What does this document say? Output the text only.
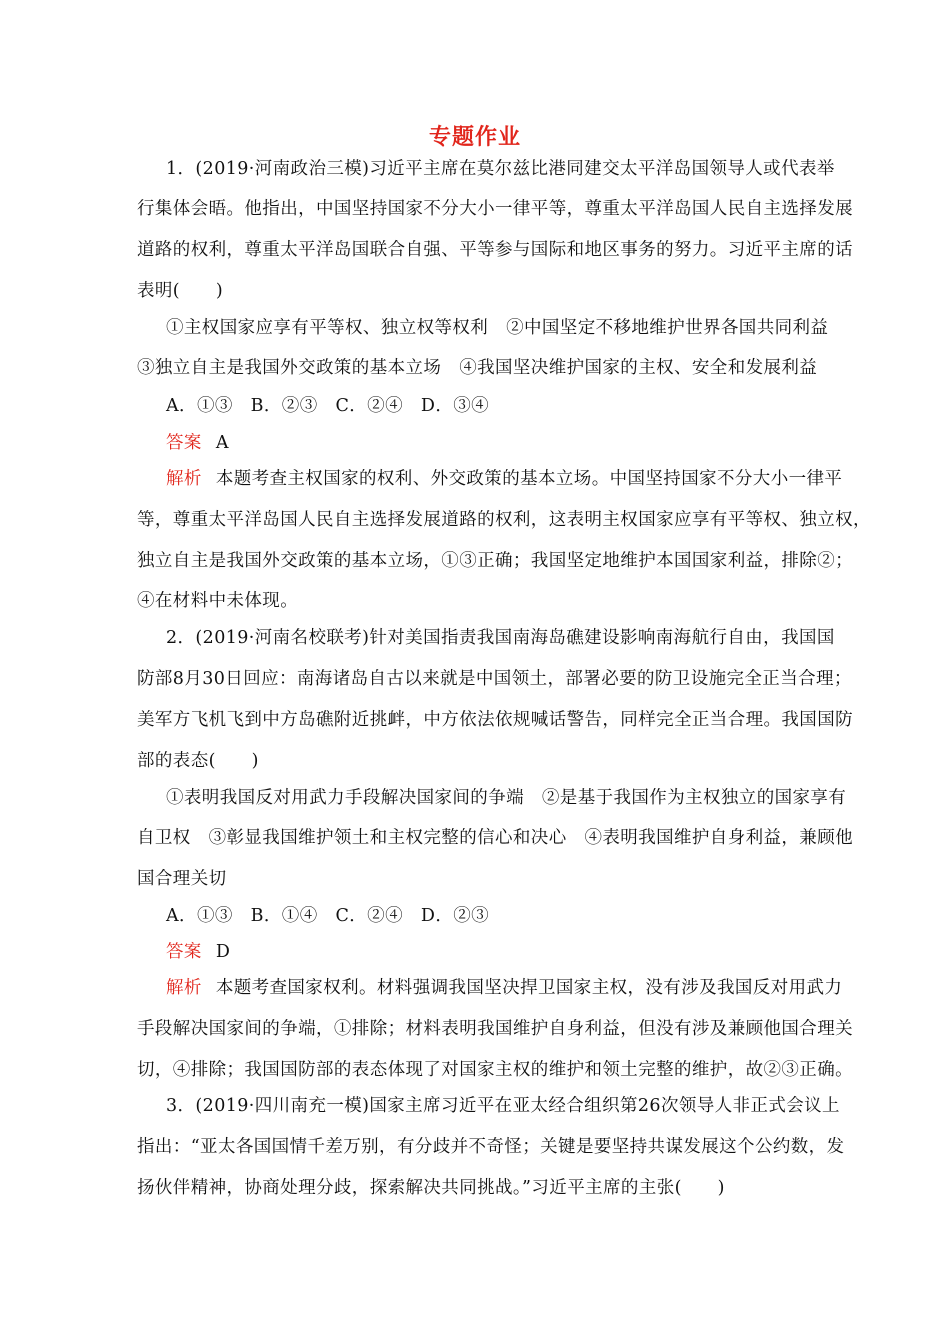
专题作业
1．(2019·河南政治三模)习近平主席在莫尔兹比港同建交太平洋岛国领导人或代表举
行集体会晤。他指出，中国坚持国家不分大小一律平等，尊重太平洋岛国人民自主选择发展
道路的权利，尊重太平洋岛国联合自强、平等参与国际和地区事务的努力。习近平主席的话
表明(　　)
①主权国家应享有平等权、独立权等权利　②中国坚定不移地维护世界各国共同利益
③独立自主是我国外交政策的基本立场　④我国坚决维护国家的主权、安全和发展利益
A．①③　B．②③　C．②④　D．③④
答案 A
解析 本题考查主权国家的权利、外交政策的基本立场。中国坚持国家不分大小一律平
等，尊重太平洋岛国人民自主选择发展道路的权利，这表明主权国家应享有平等权、独立权，
独立自主是我国外交政策的基本立场，①③正确；我国坚定地维护本国国家利益，排除②；
④在材料中未体现。
2．(2019·河南名校联考)针对美国指责我国南海岛礁建设影响南海航行自由，我国国
防部8月30日回应：南海诸岛自古以来就是中国领土，部署必要的防卫设施完全正当合理；
美军方飞机飞到中方岛礁附近挑衅，中方依法依规喊话警告，同样完全正当合理。我国国防
部的表态(　　)
①表明我国反对用武力手段解决国家间的争端　②是基于我国作为主权独立的国家享有
自卫权　③彰显我国维护领土和主权完整的信心和决心　④表明我国维护自身利益，兼顾他
国合理关切
A．①③　B．①④　C．②④　D．②③
答案 D
解析 本题考查国家权利。材料强调我国坚决捍卫国家主权，没有涉及我国反对用武力
手段解决国家间的争端，①排除；材料表明我国维护自身利益，但没有涉及兼顾他国合理关
切，④排除；我国国防部的表态体现了对国家主权的维护和领土完整的维护，故②③正确。
3．(2019·四川南充一模)国家主席习近平在亚太经合组织第26次领导人非正式会议上
指出：“亚太各国国情千差万别，有分歧并不奇怪；关键是要坚持共谋发展这个公约数，发
扬伙伴精神，协商处理分歧，探索解决共同挑战。”习近平主席的主张(　　)
